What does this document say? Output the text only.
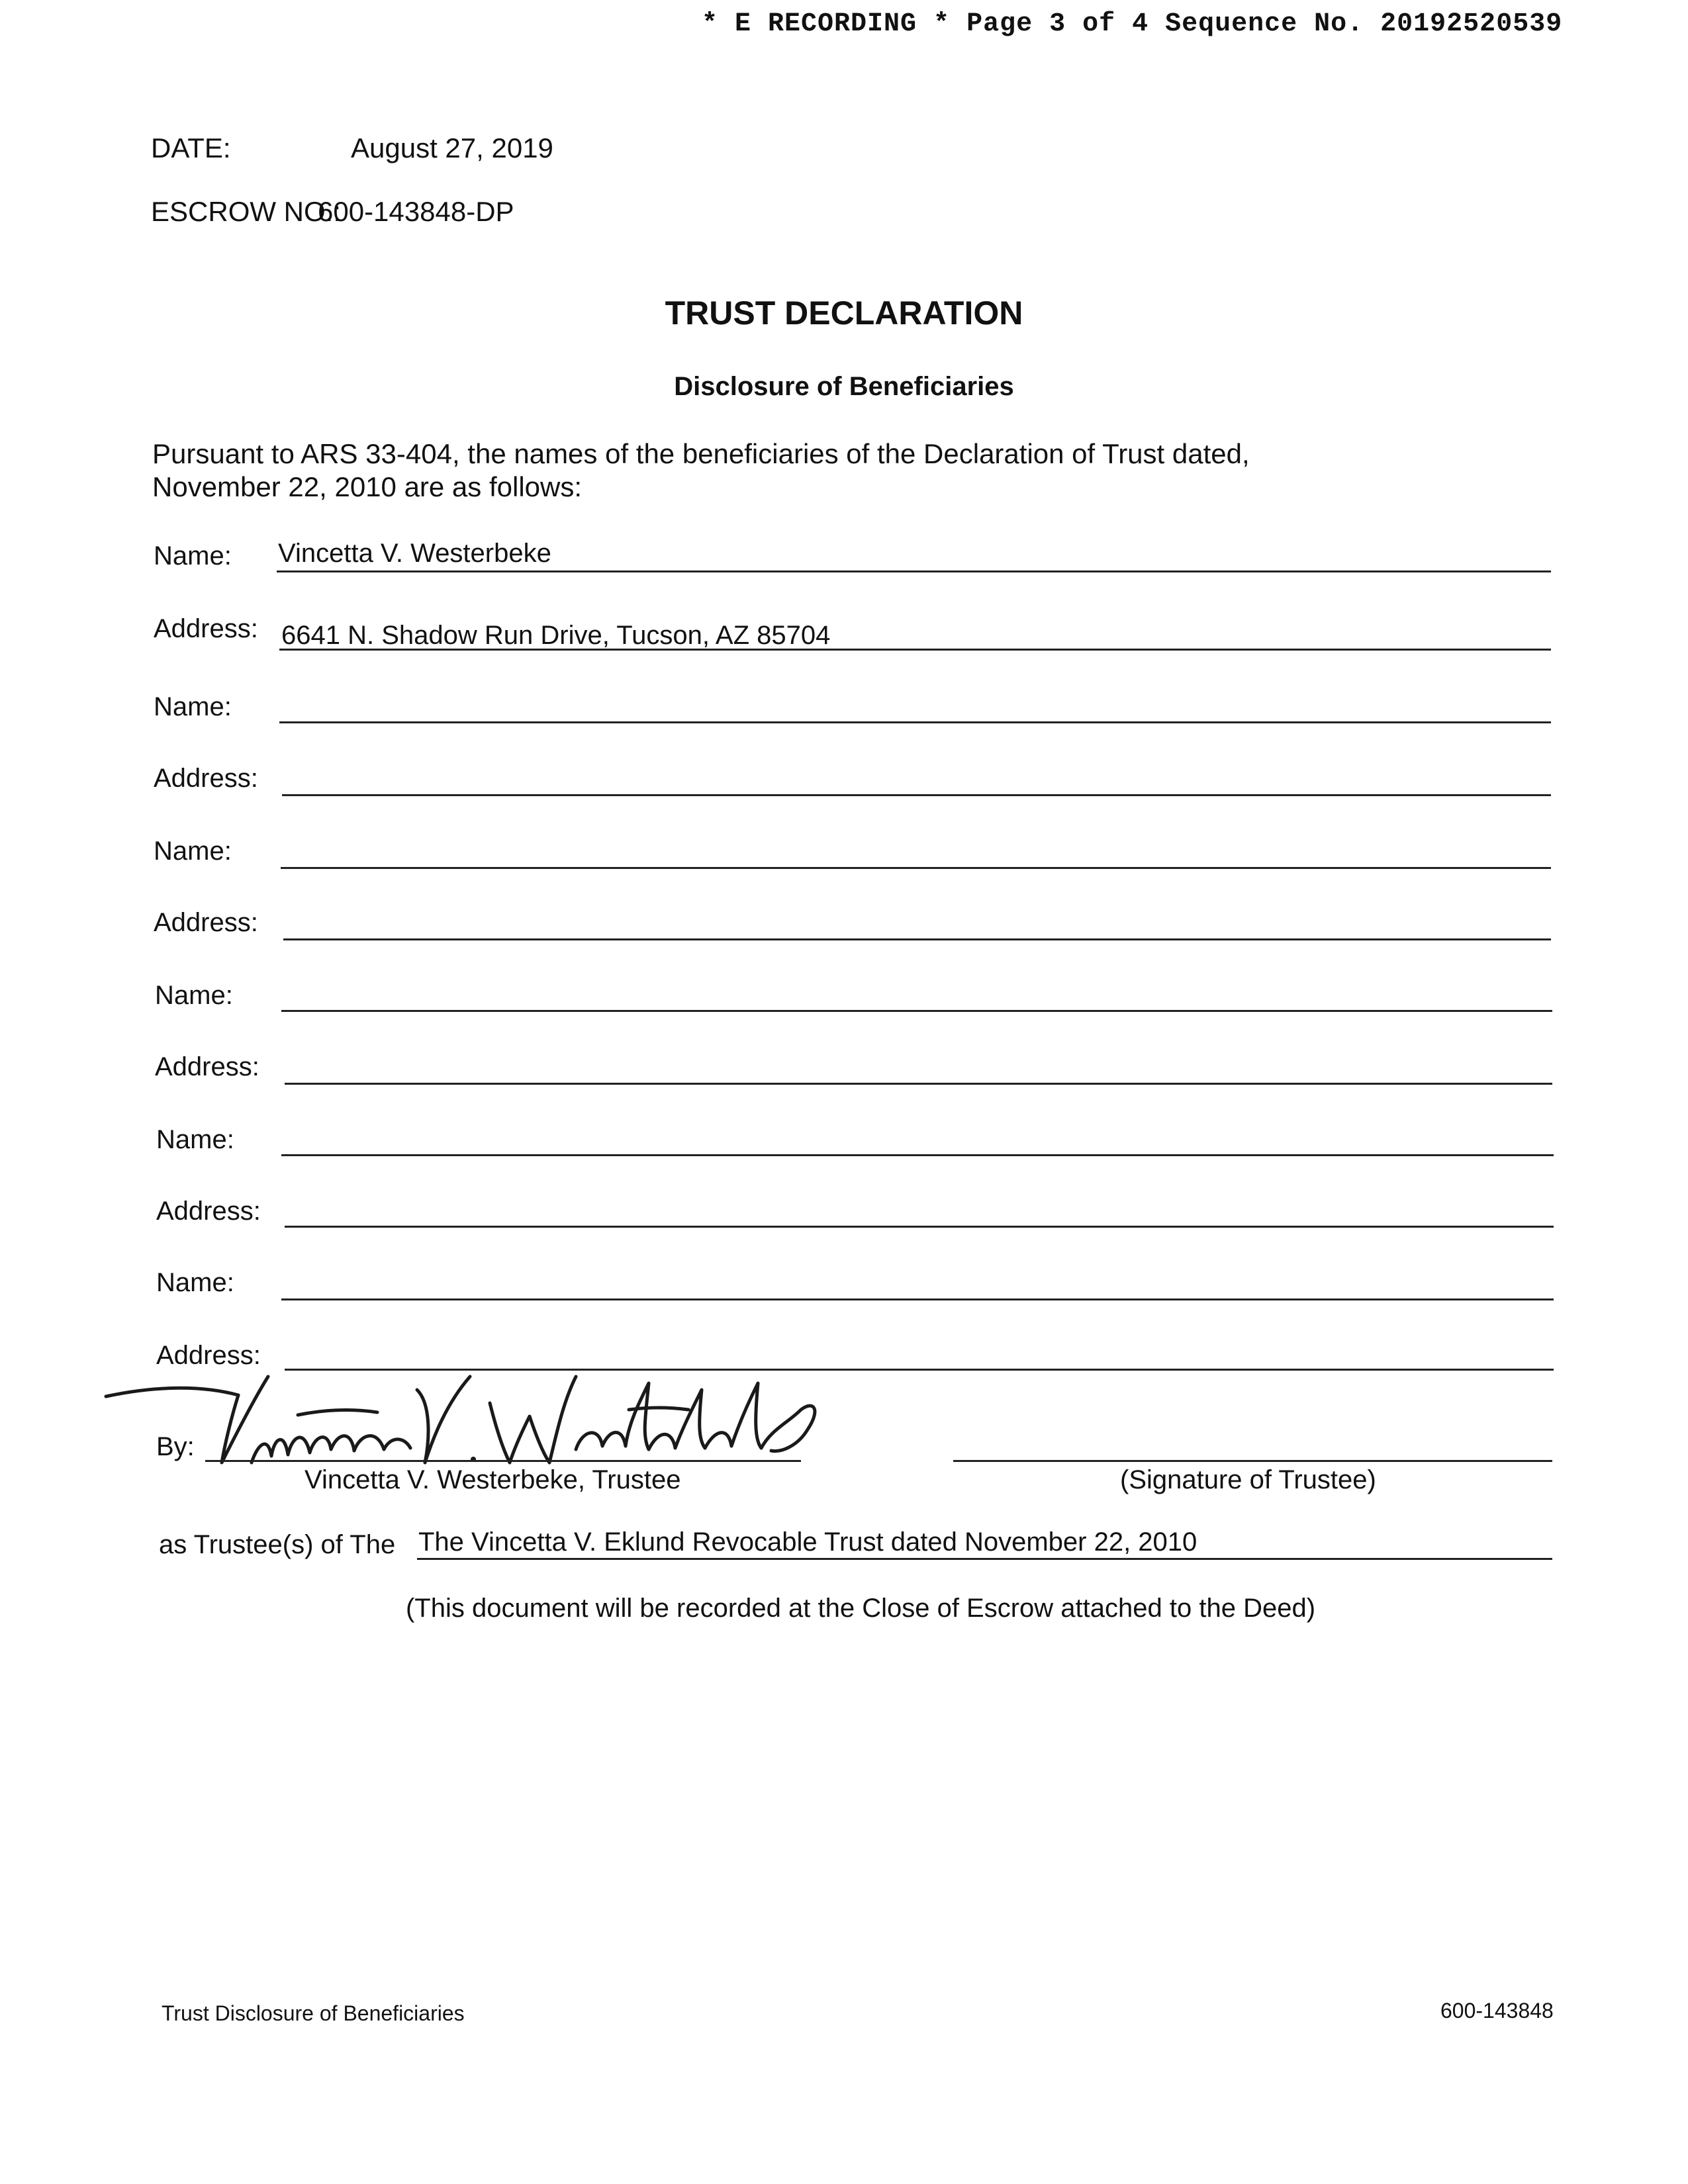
* E RECORDING * Page 3 of 4 Sequence No. 20192520539
DATE:	August 27, 2019
ESCROW NO.:
600-143848-DP
TRUST DECLARATION
Disclosure of Beneficiaries
Pursuant to ARS 33-404, the names of the beneficiaries of the Declaration of Trust dated,
November 22, 2010 are as follows:
Name: Vincetta V. Westerbeke
Address: 6641 N. Shadow Run Drive, Tucson, AZ 85704
Name:
Address:
Name:
Address:
Name:
Address:
Name:
Address:
Name:
Address:
By:
Vincetta V. Westerbeke, Trustee	(Signature of Trustee)
as Trustee(s) of The The Vincetta V. Eklund Revocable Trust dated November 22, 2010
(This document will be recorded at the Close of Escrow attached to the Deed)
Trust Disclosure of Beneficiaries	600-143848
